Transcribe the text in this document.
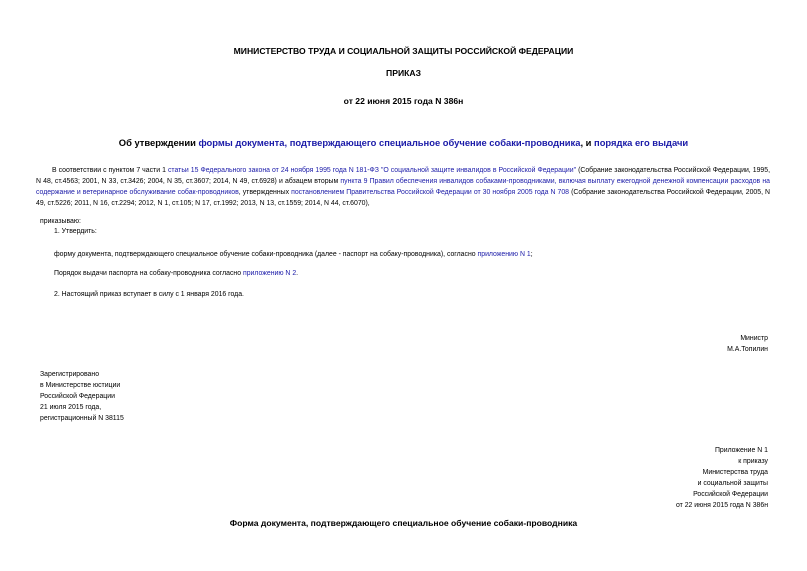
МИНИСТЕРСТВО ТРУДА И СОЦИАЛЬНОЙ ЗАЩИТЫ РОССИЙСКОЙ ФЕДЕРАЦИИ
ПРИКАЗ
от 22 июня 2015 года N 386н
Об утверждении формы документа, подтверждающего специальное обучение собаки-проводника, и порядка его выдачи
В соответствии с пунктом 7 части 1 статьи 15 Федерального закона от 24 ноября 1995 года N 181-ФЗ "О социальной защите инвалидов в Российской Федерации" (Собрание законодательства Российской Федерации, 1995, N 48, ст.4563; 2001, N 33, ст.3426; 2004, N 35, ст.3607; 2014, N 49, ст.6928) и абзацем вторым пункта 9 Правил обеспечения инвалидов собаками-проводниками, включая выплату ежегодной денежной компенсации расходов на содержание и ветеринарное обслуживание собак-проводников, утвержденных постановлением Правительства Российской Федерации от 30 ноября 2005 года N 708 (Собрание законодательства Российской Федерации, 2005, N 49, ст.5226; 2011, N 16, ст.2294; 2012, N 1, ст.105; N 17, ст.1992; 2013, N 13, ст.1559; 2014, N 44, ст.6070),
приказываю:
1. Утвердить:
форму документа, подтверждающего специальное обучение собаки-проводника (далее - паспорт на собаку-проводника), согласно приложению N 1;
Порядок выдачи паспорта на собаку-проводника согласно приложению N 2.
2. Настоящий приказ вступает в силу с 1 января 2016 года.
Министр
М.А.Топилин
Зарегистрировано
в Министерстве юстиции
Российской Федерации
21 июля 2015 года,
регистрационный N 38115
Приложение N 1
к приказу
Министерства труда
и социальной защиты
Российской Федерации
от 22 июня 2015 года N 386н
Форма документа, подтверждающего специальное обучение собаки-проводника
